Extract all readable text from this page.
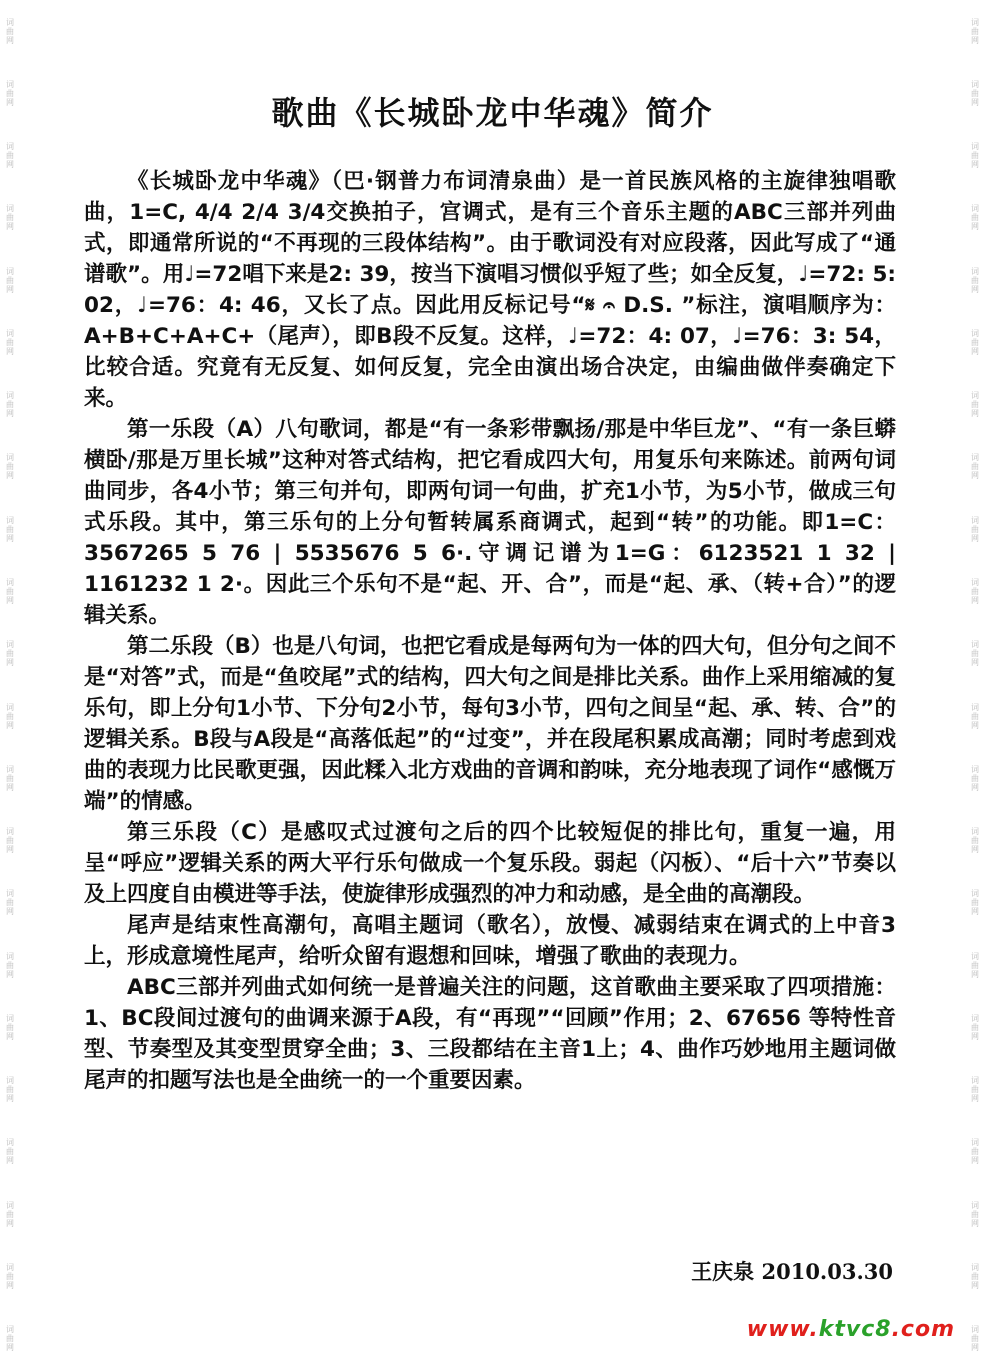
词曲网
词曲网
词曲网
词曲网
词曲网
词曲网
词曲网
词曲网
词曲网
词曲网
词曲网
词曲网
词曲网
词曲网
词曲网
词曲网
词曲网
词曲网
词曲网
词曲网
词曲网
词曲网
词曲网
词曲网
词曲网
词曲网
词曲网
词曲网
词曲网
词曲网
词曲网
词曲网
词曲网
词曲网
词曲网
词曲网
词曲网
词曲网
词曲网
词曲网
词曲网
词曲网
词曲网
词曲网
歌曲《长城卧龙中华魂》简介

《长城卧龙中华魂》（巴·钢普力布词清泉曲）是一首民族风格的主旋律独唱歌曲，1=C, 4/4 2/4 3/4交换拍子，宫调式，是有三个音乐主题的ABC三部并列曲式，即通常所说的“不再现的三段体结构”。由于歌词没有对应段落，因此写成了“通谱歌”。用♩=72唱下来是2: 39，按当下演唱习惯似乎短了些；如全反复，♩=72: 5: 02，♩=76：4: 46，又长了点。因此用反标记号“𝄋 𝄐 D.S. ”标注，演唱顺序为：A+B+C+A+C+（尾声），即B段不反复。这样，♩=72：4: 07，♩=76：3: 54，比较合适。究竟有无反复、如何反复，完全由演出场合决定，由编曲做伴奏确定下来。

第一乐段（A）八句歌词，都是“有一条彩带飘扬/那是中华巨龙”、“有一条巨蟒横卧/那是万里长城”这种对答式结构，把它看成四大句，用复乐句来陈述。前两句词曲同步，各4小节；第三句并句，即两句词一句曲，扩充1小节，为5小节，做成三句式乐段。其中，第三乐句的上分句暂转属系商调式，起到“转”的功能。即1=C：3567265 5 76 | 5535676 5 6·.守调记谱为1=G：6123521 1 32 | 1161232 1 2·。因此三个乐句不是“起、开、合”，而是“起、承、（转+合）”的逻辑关系。

第二乐段（B）也是八句词，也把它看成是每两句为一体的四大句，但分句之间不是“对答”式，而是“鱼咬尾”式的结构，四大句之间是排比关系。曲作上采用缩减的复乐句，即上分句1小节、下分句2小节，每句3小节，四句之间呈“起、承、转、合”的逻辑关系。B段与A段是“高落低起”的“过变”，并在段尾积累成高潮；同时考虑到戏曲的表现力比民歌更强，因此糅入北方戏曲的音调和韵味，充分地表现了词作“感慨万端”的情感。

第三乐段（C）是感叹式过渡句之后的四个比较短促的排比句，重复一遍，用呈“呼应”逻辑关系的两大平行乐句做成一个复乐段。弱起（闪板）、“后十六”节奏以及上四度自由模进等手法，使旋律形成强烈的冲力和动感，是全曲的高潮段。

尾声是结束性高潮句，高唱主题词（歌名），放慢、减弱结束在调式的上中音3上，形成意境性尾声，给听众留有遐想和回味，增强了歌曲的表现力。

ABC三部并列曲式如何统一是普遍关注的问题，这首歌曲主要采取了四项措施：1、BC段间过渡句的曲调来源于A段，有“再现”“回顾”作用；2、67656 等特性音型、节奏型及其变型贯穿全曲；3、三段都结在主音1上；4、曲作巧妙地用主题词做尾声的扣题写法也是全曲统一的一个重要因素。

王庆泉 2010.03.30
www.ktvc8.com
